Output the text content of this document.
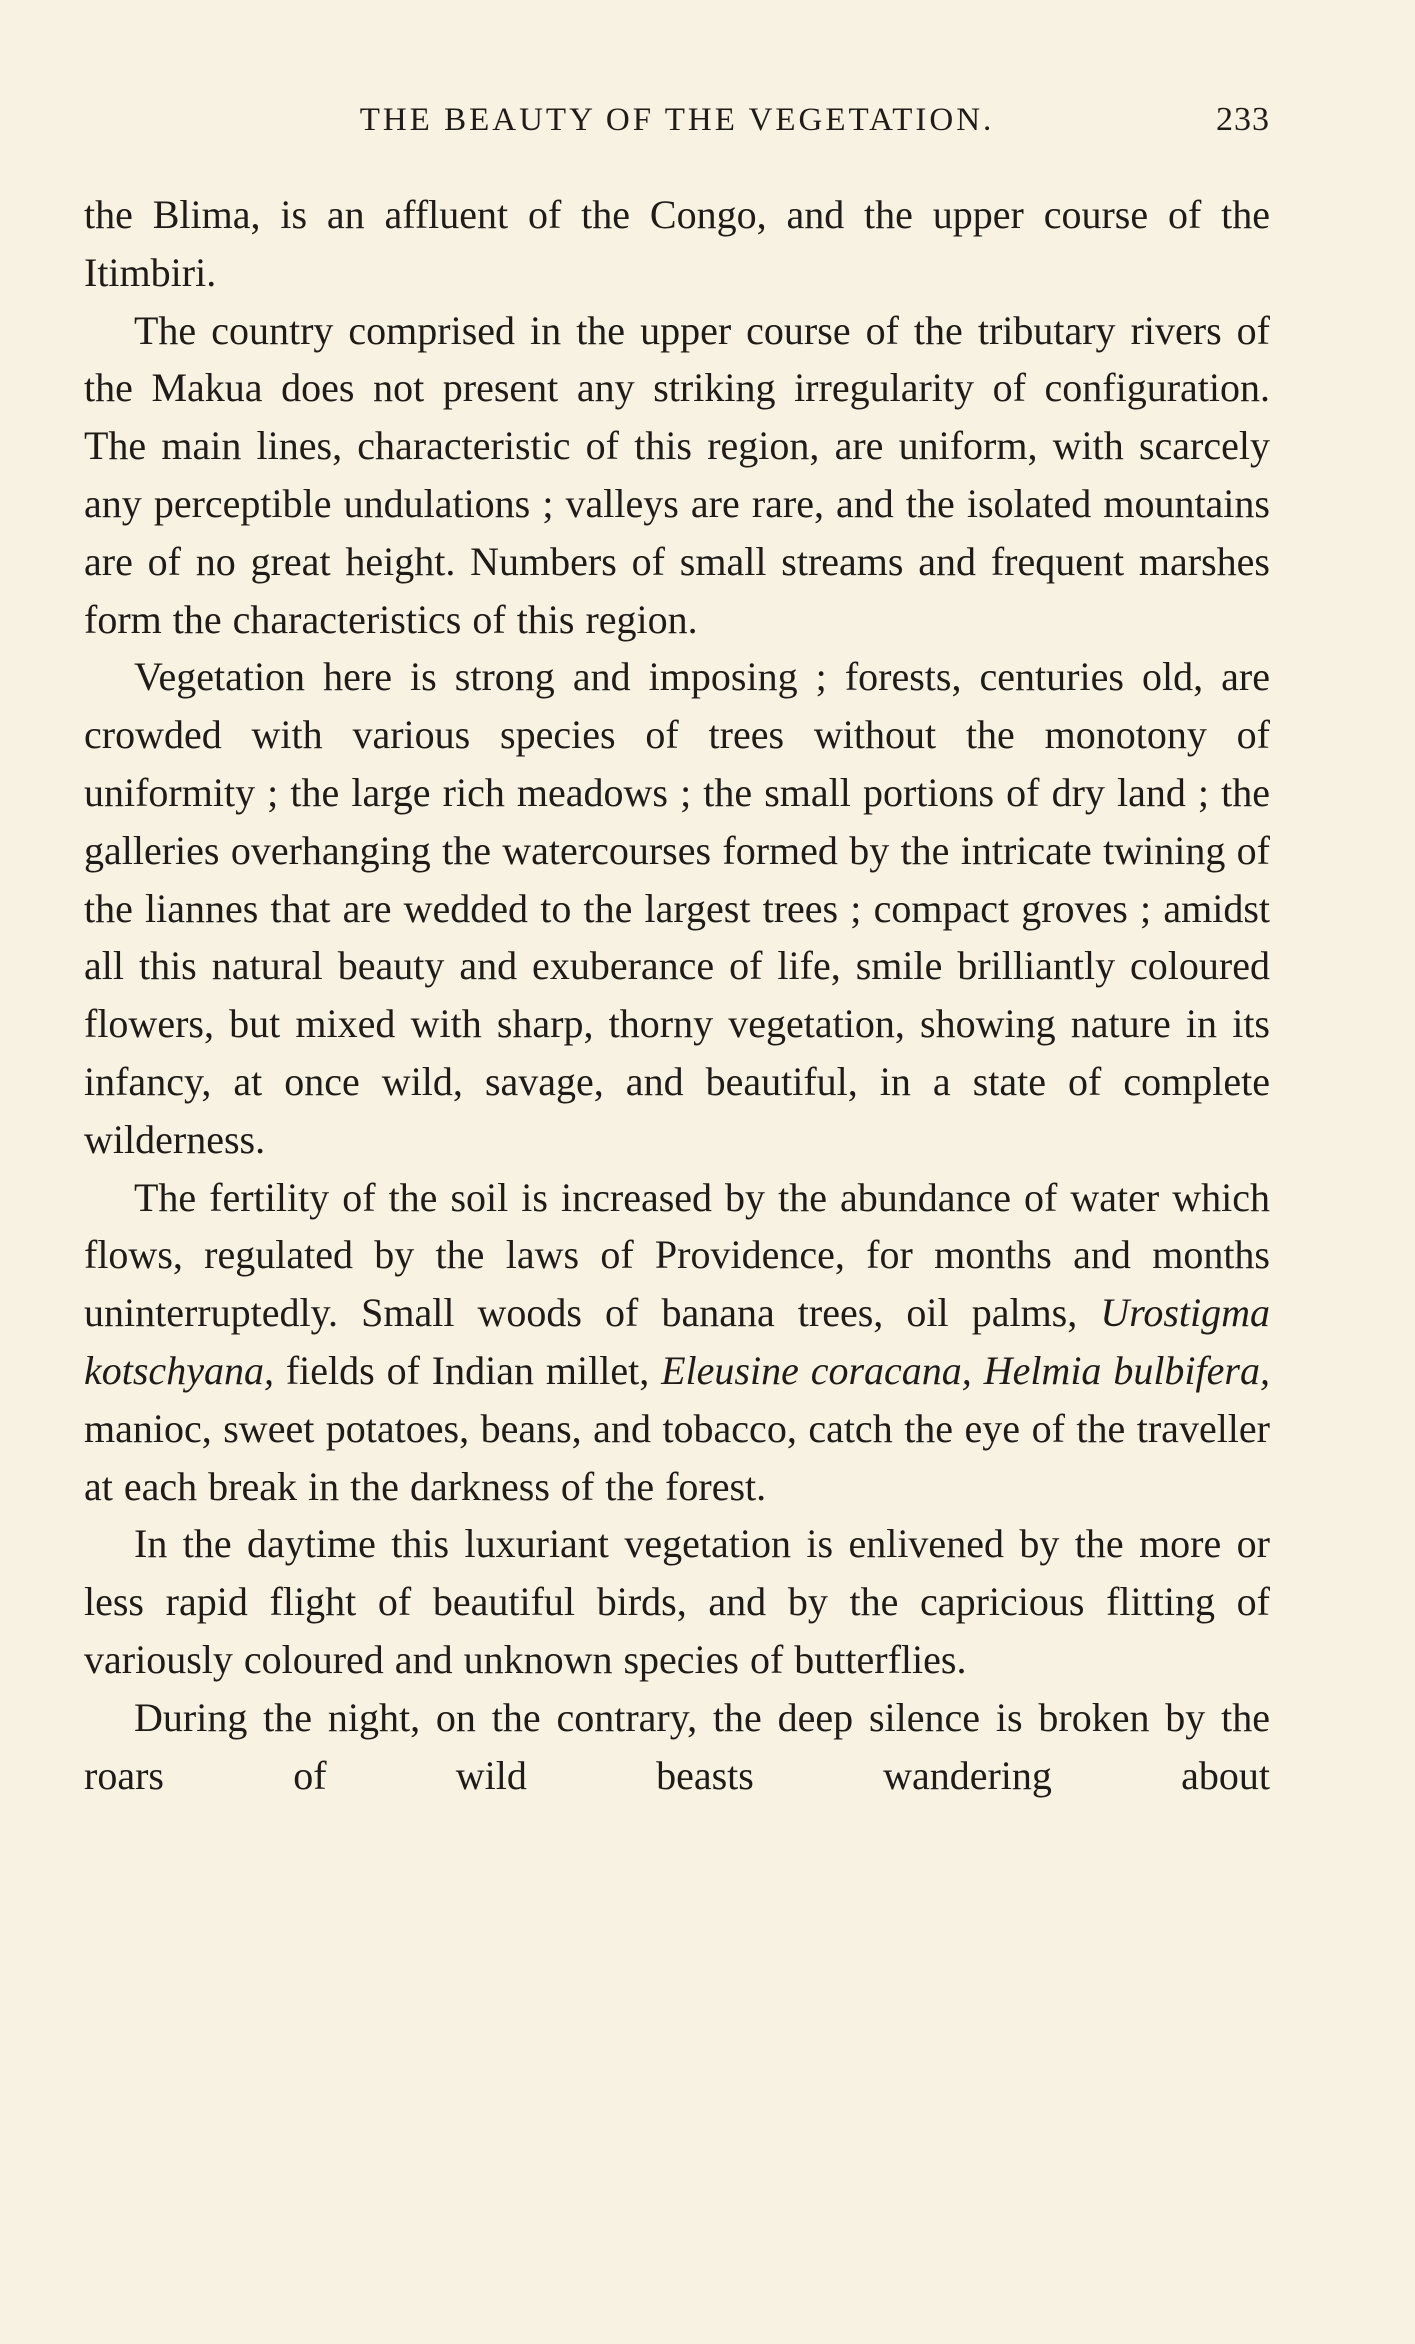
THE BEAUTY OF THE VEGETATION.	233

the Blima, is an affluent of the Congo, and the upper course of the Itimbiri.

The country comprised in the upper course of the tributary rivers of the Makua does not present any striking irregularity of configuration. The main lines, characteristic of this region, are uniform, with scarcely any perceptible undulations ; valleys are rare, and the isolated mountains are of no great height. Numbers of small streams and frequent marshes form the characteristics of this region.

Vegetation here is strong and imposing ; forests, centuries old, are crowded with various species of trees without the monotony of uniformity ; the large rich meadows ; the small portions of dry land ; the galleries overhanging the watercourses formed by the intricate twining of the liannes that are wedded to the largest trees ; compact groves ; amidst all this natural beauty and exuberance of life, smile brilliantly coloured flowers, but mixed with sharp, thorny vegetation, showing nature in its infancy, at once wild, savage, and beautiful, in a state of complete wilderness.

The fertility of the soil is increased by the abundance of water which flows, regulated by the laws of Providence, for months and months uninterruptedly. Small woods of banana trees, oil palms, Urostigma kotschyana, fields of Indian millet, Eleusine coracana, Helmia bulbifera, manioc, sweet potatoes, beans, and tobacco, catch the eye of the traveller at each break in the darkness of the forest.

In the daytime this luxuriant vegetation is enlivened by the more or less rapid flight of beautiful birds, and by the capricious flitting of variously coloured and unknown species of butterflies.

During the night, on the contrary, the deep silence is broken by the roars of wild beasts wandering about
